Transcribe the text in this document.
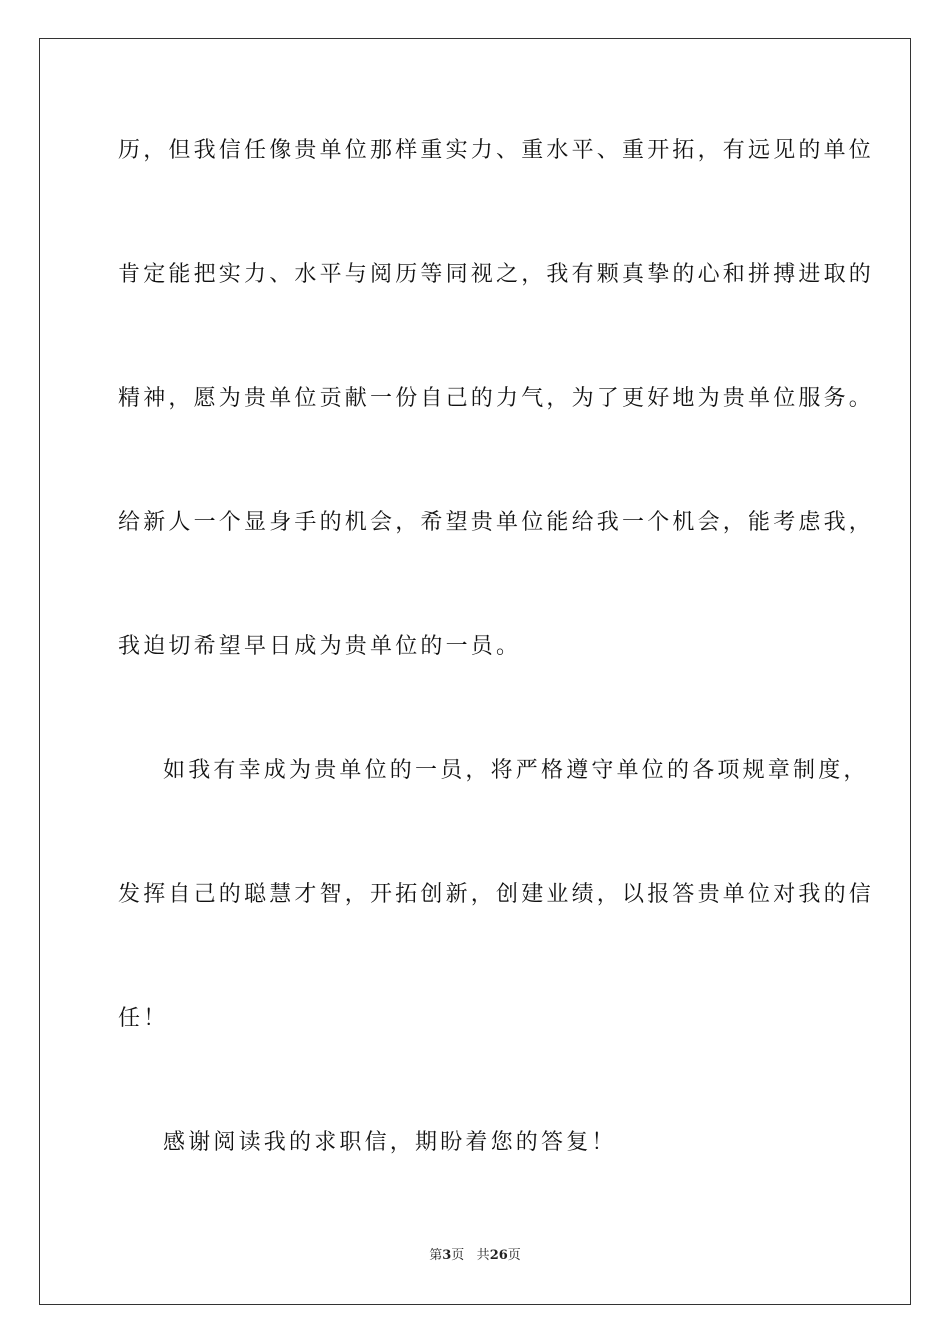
历，但我信任像贵单位那样重实力、重水平、重开拓，有远见的单位
肯定能把实力、水平与阅历等同视之，我有颗真挚的心和拼搏进取的
精神，愿为贵单位贡献一份自己的力气，为了更好地为贵单位服务。
给新人一个显身手的机会，希望贵单位能给我一个机会，能考虑我，
我迫切希望早日成为贵单位的一员。
如我有幸成为贵单位的一员，将严格遵守单位的各项规章制度，
发挥自己的聪慧才智，开拓创新，创建业绩，以报答贵单位对我的信
任！
感谢阅读我的求职信，期盼着您的答复！
第3页 共26页
